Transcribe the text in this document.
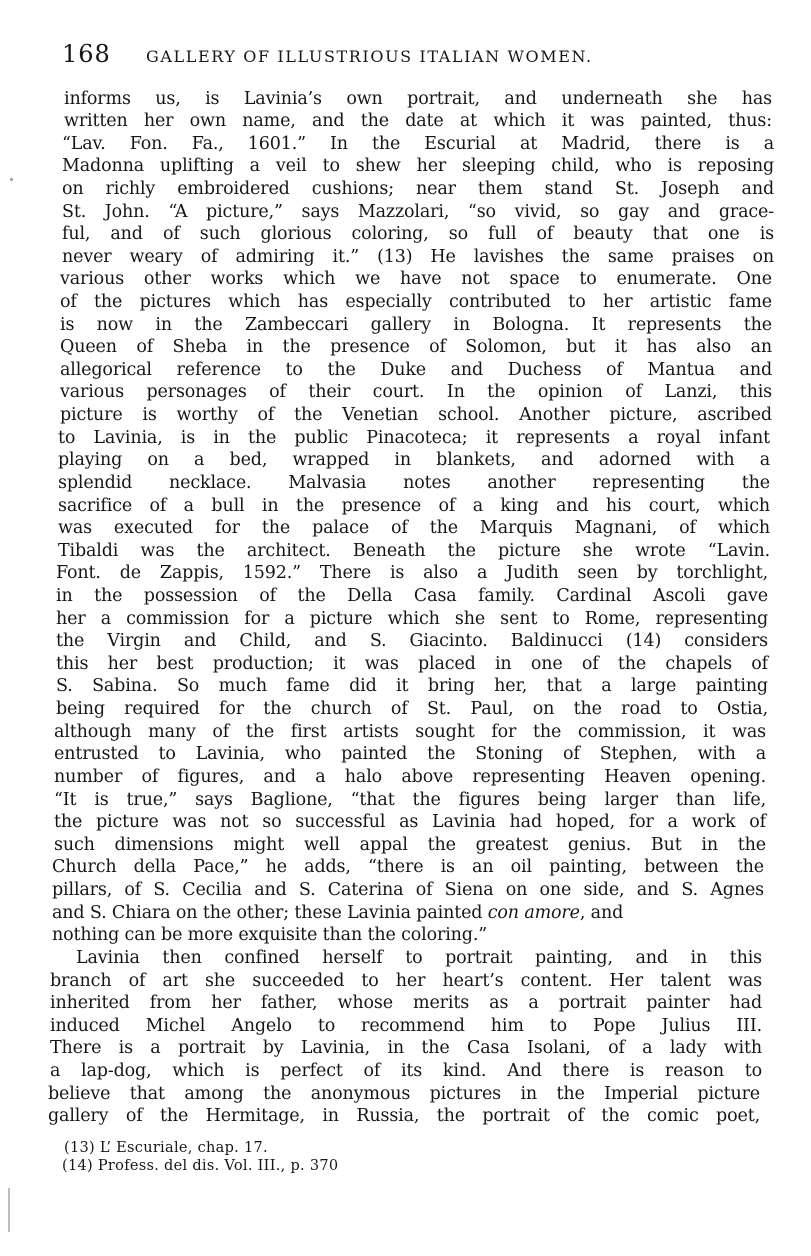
168 GALLERY OF ILLUSTRIOUS ITALIAN WOMEN.
informs us, is Lavinia’s own portrait, and underneath she has
written her own name, and the date at which it was painted, thus:
“Lav. Fon. Fa., 1601.” In the Escurial at Madrid, there is a
Madonna uplifting a veil to shew her sleeping child, who is reposing
on richly embroidered cushions; near them stand St. Joseph and
St. John. “A picture,” says Mazzolari, “so vivid, so gay and grace-
ful, and of such glorious coloring, so full of beauty that one is
never weary of admiring it.” (13) He lavishes the same praises on
various other works which we have not space to enumerate. One
of the pictures which has especially contributed to her artistic fame
is now in the Zambeccari gallery in Bologna. It represents the
Queen of Sheba in the presence of Solomon, but it has also an
allegorical reference to the Duke and Duchess of Mantua and
various personages of their court. In the opinion of Lanzi, this
picture is worthy of the Venetian school. Another picture, ascribed
to Lavinia, is in the public Pinacoteca; it represents a royal infant
playing on a bed, wrapped in blankets, and adorned with a
splendid necklace. Malvasia notes another representing the
sacrifice of a bull in the presence of a king and his court, which
was executed for the palace of the Marquis Magnani, of which
Tibaldi was the architect. Beneath the picture she wrote “Lavin.
Font. de Zappis, 1592.” There is also a Judith seen by torchlight,
in the possession of the Della Casa family. Cardinal Ascoli gave
her a commission for a picture which she sent to Rome, representing
the Virgin and Child, and S. Giacinto. Baldinucci (14) considers
this her best production; it was placed in one of the chapels of
S. Sabina. So much fame did it bring her, that a large painting
being required for the church of St. Paul, on the road to Ostia,
although many of the first artists sought for the commission, it was
entrusted to Lavinia, who painted the Stoning of Stephen, with a
number of figures, and a halo above representing Heaven opening.
“It is true,” says Baglione, “that the figures being larger than life,
the picture was not so successful as Lavinia had hoped, for a work of
such dimensions might well appal the greatest genius. But in the
Church della Pace,” he adds, “there is an oil painting, between the
pillars, of S. Cecilia and S. Caterina of Siena on one side, and S. Agnes
and S. Chiara on the other; these Lavinia painted con amore, and
nothing can be more exquisite than the coloring.”
Lavinia then confined herself to portrait painting, and in this
branch of art she succeeded to her heart’s content. Her talent was
inherited from her father, whose merits as a portrait painter had
induced Michel Angelo to recommend him to Pope Julius III.
There is a portrait by Lavinia, in the Casa Isolani, of a lady with
a lap-dog, which is perfect of its kind. And there is reason to
believe that among the anonymous pictures in the Imperial picture
gallery of the Hermitage, in Russia, the portrait of the comic poet,
(13) L’ Escuriale, chap. 17.
(14) Profess. del dis. Vol. III., p. 370
